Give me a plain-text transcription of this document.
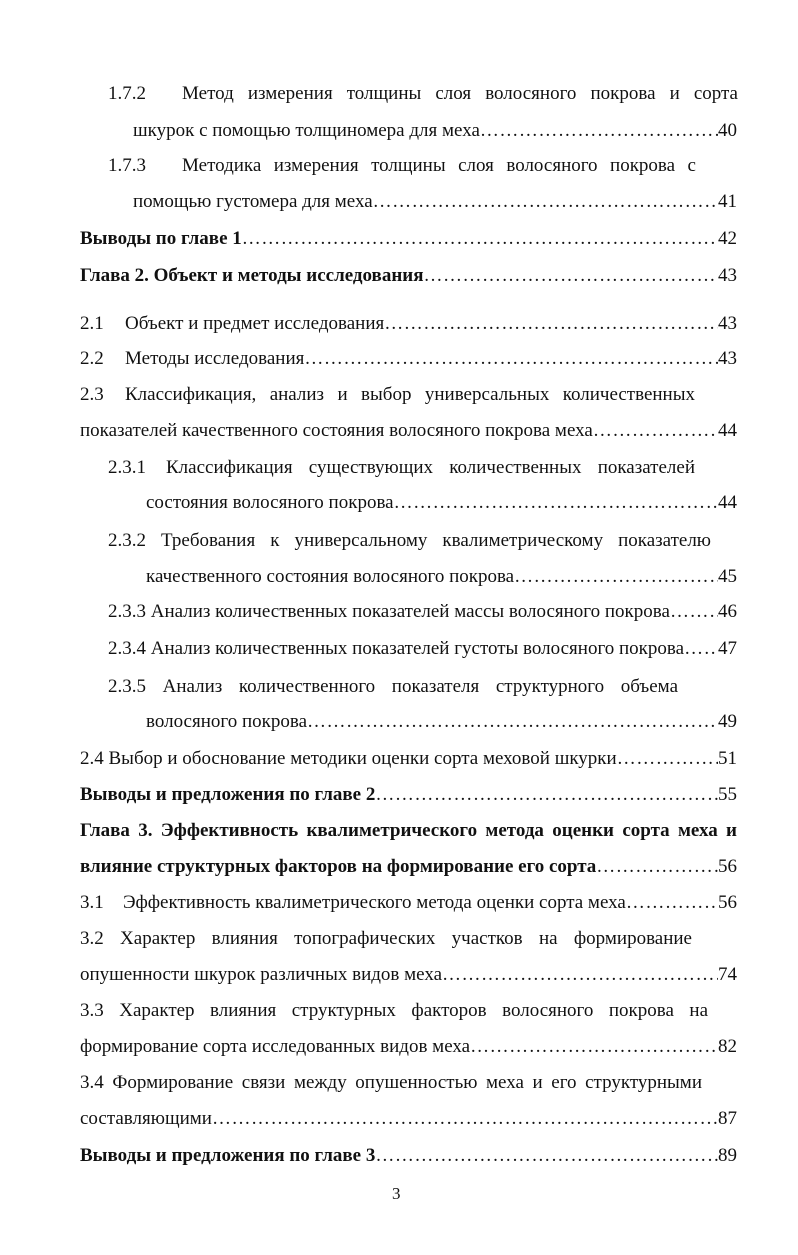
1.7.2 Метод измерения толщины слоя волосяного покрова и сорта
шкурок с помощью толщиномера для меха ……………………………………………………………………………………………………………………………………………………………………………………	40
1.7.3 Методика измерения толщины слоя волосяного покрова с
помощью густомера для меха ……………………………………………………………………………………………………………………………………………………………………………………	41
Выводы по главе 1 ……………………………………………………………………………………………………………………………………………………………………………………	42
Глава 2. Объект и методы исследования ……………………………………………………………………………………………………………………………………………………………………………………	43
2.1	Объект и предмет исследования ……………………………………………………………………………………………………………………………………………………………………………………	43
2.2	Методы исследования ……………………………………………………………………………………………………………………………………………………………………………………	43
2.3 Классификация, анализ и выбор универсальных количественных
показателей качественного состояния волосяного покрова меха ……………………………………………………………………………………………………………………………………………………………………………………	44
2.3.1 Классификация существующих количественных показателей
состояния волосяного покрова ……………………………………………………………………………………………………………………………………………………………………………………	44
2.3.2 Требования к универсальному квалиметрическому показателю
качественного состояния волосяного покрова ……………………………………………………………………………………………………………………………………………………………………………………	45
2.3.3 Анализ количественных показателей массы волосяного покрова ……………………………………………………………………………………………………………………………………………………………………………………	46
2.3.4 Анализ количественных показателей густоты волосяного покрова …………………………………………………………………………………………………………………………………………………………………………………… 47
2.3.5 Анализ количественного показателя структурного объема
волосяного покрова ……………………………………………………………………………………………………………………………………………………………………………………	49
2.4 Выбор и обоснование методики оценки сорта меховой шкурки ……………………………………………………………………………………………………………………………………………………………………………………	51
Выводы и предложения по главе 2 ……………………………………………………………………………………………………………………………………………………………………………………	55
Глава 3. Эффективность квалиметрического метода оценки сорта меха и
влияние структурных факторов на формирование его сорта ……………………………………………………………………………………………………………………………………………………………………………………	56
3.1	Эффективность квалиметрического метода оценки сорта меха ……………………………………………………………………………………………………………………………………………………………………………………	56
3.2 Характер влияния топографических участков на формирование
опушенности шкурок различных видов меха ……………………………………………………………………………………………………………………………………………………………………………………	74
3.3 Характер влияния структурных факторов волосяного покрова на
формирование сорта исследованных видов меха ……………………………………………………………………………………………………………………………………………………………………………………	82
3.4 Формирование связи между опушенностью меха и его структурными
составляющими ……………………………………………………………………………………………………………………………………………………………………………………	87
Выводы и предложения по главе 3 ……………………………………………………………………………………………………………………………………………………………………………………	89
3
